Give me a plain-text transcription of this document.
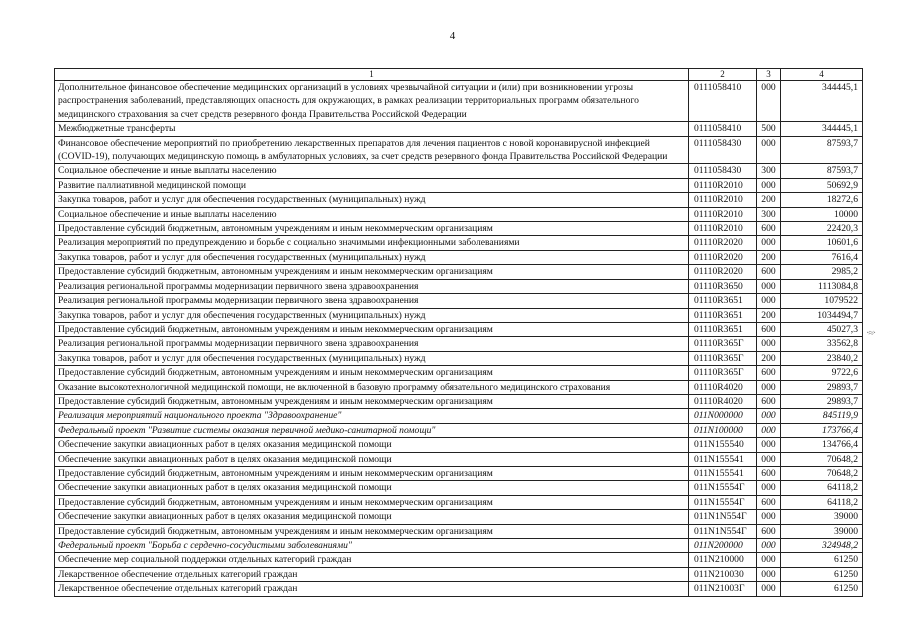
4
1	2	3	4
Дополнительное финансовое обеспечение медицинских организаций в условиях чрезвычайной ситуации и (или) при возникновении угрозы распространения заболеваний, представляющих опасность для окружающих, в рамках реализации территориальных программ обязательного медицинского страхования за счет средств резервного фонда Правительства Российской Федерации	0111058410	000	344445,1
Межбюджетные трансферты	0111058410	500	344445,1
Финансовое обеспечение мероприятий по приобретению лекарственных препаратов для лечения пациентов с новой коронавирусной инфекцией (COVID-19), получающих медицинскую помощь в амбулаторных условиях, за счет средств резервного фонда Правительства Российской Федерации	0111058430	000	87593,7
Социальное обеспечение и иные выплаты населению	0111058430	300	87593,7
Развитие паллиативной медицинской помощи	01110R2010	000	50692,9
Закупка товаров, работ и услуг для обеспечения государственных (муниципальных) нужд	01110R2010	200	18272,6
Социальное обеспечение и иные выплаты населению	01110R2010	300	10000
Предоставление субсидий бюджетным, автономным учреждениям и иным некоммерческим организациям	01110R2010	600	22420,3
Реализация мероприятий по предупреждению и борьбе с социально значимыми инфекционными заболеваниями	01110R2020	000	10601,6
Закупка товаров, работ и услуг для обеспечения государственных (муниципальных) нужд	01110R2020	200	7616,4
Предоставление субсидий бюджетным, автономным учреждениям и иным некоммерческим организациям	01110R2020	600	2985,2
Реализация региональной программы модернизации первичного звена здравоохранения	01110R3650	000	1113084,8
Реализация региональной программы модернизации первичного звена здравоохранения	01110R3651	000	1079522
Закупка товаров, работ и услуг для обеспечения государственных (муниципальных) нужд	01110R3651	200	1034494,7
Предоставление субсидий бюджетным, автономным учреждениям и иным некоммерческим организациям	01110R3651	600	45027,3
Реализация региональной программы модернизации первичного звена здравоохранения	01110R365Г	000	33562,8
Закупка товаров, работ и услуг для обеспечения государственных (муниципальных) нужд	01110R365Г	200	23840,2
Предоставление субсидий бюджетным, автономным учреждениям и иным некоммерческим организациям	01110R365Г	600	9722,6
Оказание высокотехнологичной медицинской помощи, не включенной в базовую программу обязательного медицинского страхования	01110R4020	000	29893,7
Предоставление субсидий бюджетным, автономным учреждениям и иным некоммерческим организациям	01110R4020	600	29893,7
Реализация мероприятий национального проекта "Здравоохранение"	011N000000	000	845119,9
Федеральный проект "Развитие системы оказания первичной медико-санитарной помощи"	011N100000	000	173766,4
Обеспечение закупки авиационных работ в целях оказания медицинской помощи	011N155540	000	134766,4
Обеспечение закупки авиационных работ в целях оказания медицинской помощи	011N155541	000	70648,2
Предоставление субсидий бюджетным, автономным учреждениям и иным некоммерческим организациям	011N155541	600	70648,2
Обеспечение закупки авиационных работ в целях оказания медицинской помощи	011N15554Г	000	64118,2
Предоставление субсидий бюджетным, автономным учреждениям и иным некоммерческим организациям	011N15554Г	600	64118,2
Обеспечение закупки авиационных работ в целях оказания медицинской помощи	011N1N554Г	000	39000
Предоставление субсидий бюджетным, автономным учреждениям и иным некоммерческим организациям	011N1N554Г	600	39000
Федеральный проект "Борьба с сердечно-сосудистыми заболеваниями"	011N200000	000	324948,2
Обеспечение мер социальной поддержки отдельных категорий граждан	011N210000	000	61250
Лекарственное обеспечение отдельных категорий граждан	011N210030	000	61250
Лекарственное обеспечение отдельных категорий граждан	011N21003Г	000	61250
·≈·
